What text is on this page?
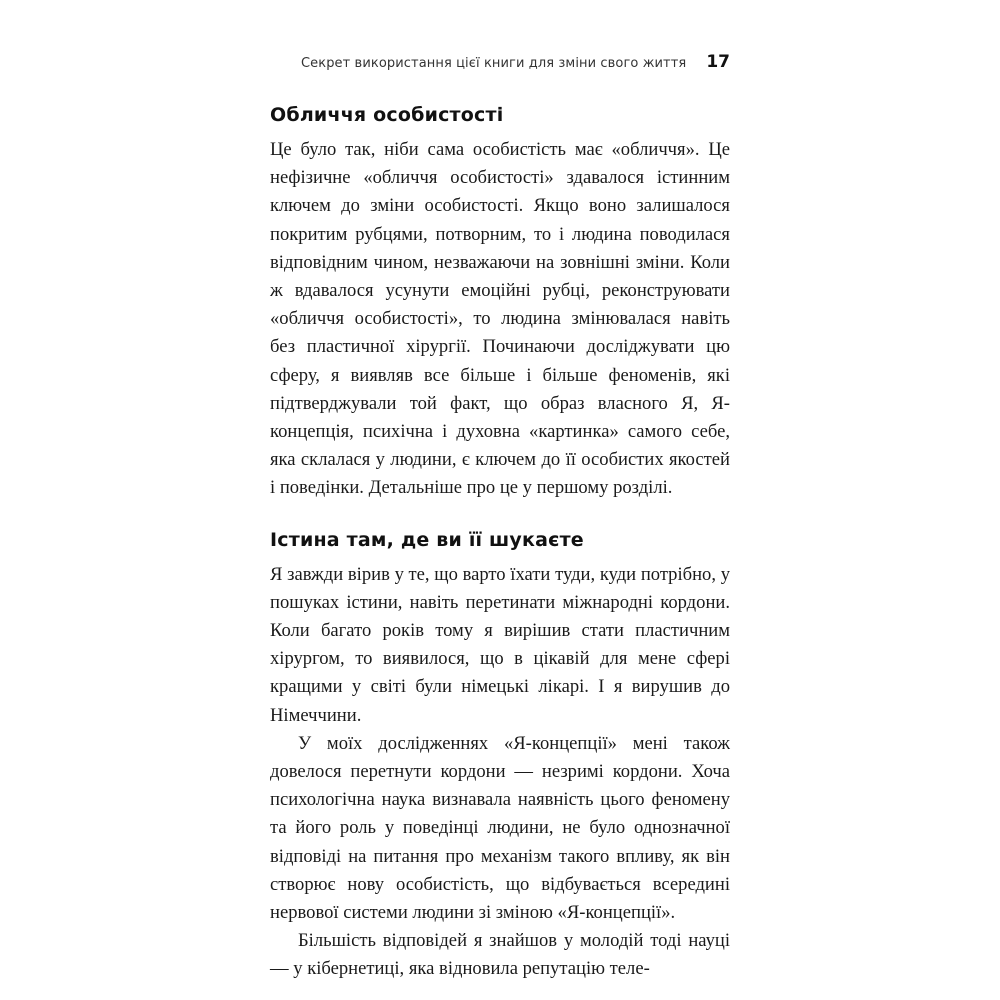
Секрет використання цієї книги для зміни свого життя 17
Обличчя особистості

Це було так, ніби сама особистість має «обличчя». Це нефізичне «обличчя особистості» здавалося істинним ключем до зміни особистості. Якщо воно залишалося покритим рубцями, потворним, то і людина поводилася відповідним чином, незважаючи на зовнішні зміни. Коли ж вдавалося усунути емоційні рубці, реконструювати «обличчя особистості», то людина змінювалася навіть без пластичної хірургії. Починаючи досліджувати цю сферу, я виявляв все більше і більше феноменів, які підтверджували той факт, що образ власного Я, Я-концепція, психічна і духовна «картинка» самого себе, яка склалася у людини, є ключем до її особистих якостей і поведінки. Детальніше про це у першому розділі.

Істина там, де ви її шукаєте

Я завжди вірив у те, що варто їхати туди, куди потрібно, у пошуках істини, навіть перетинати міжнародні кордони. Коли багато років тому я вирішив стати пластичним хірургом, то виявилося, що в цікавій для мене сфері кращими у світі були німецькі лікарі. І я вирушив до Німеччини.

У моїх дослідженнях «Я-концепції» мені також довелося перетнути кордони — незримі кордони. Хоча психологічна наука визнавала наявність цього феномену та його роль у поведінці людини, не було однозначної відповіді на питання про механізм такого впливу, як він створює нову особистість, що відбувається всередині нервової системи людини зі зміною «Я-концепції».

Більшість відповідей я знайшов у молодій тоді науці — у кібернетиці, яка відновила репутацію теле-
